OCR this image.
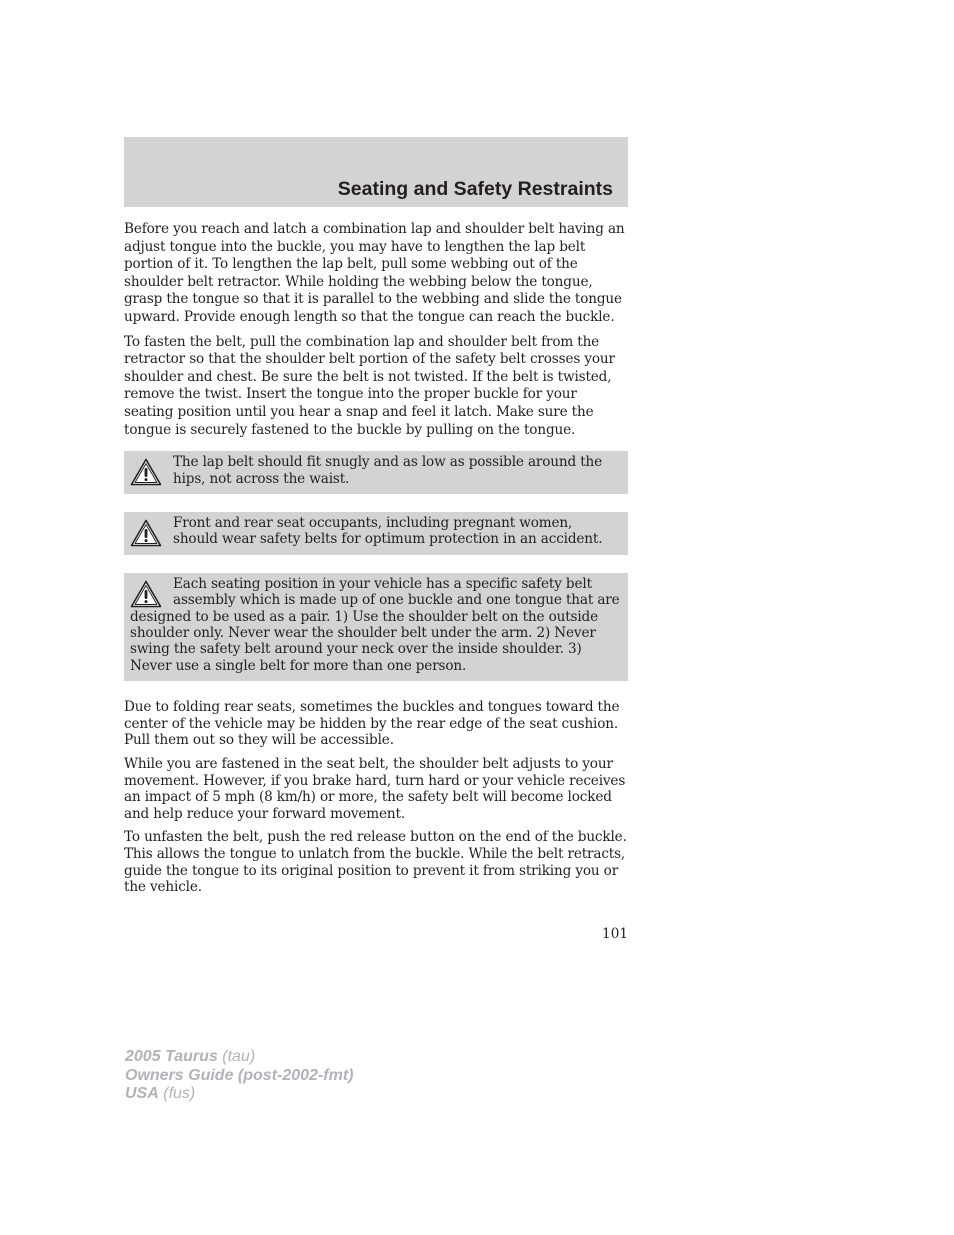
Seating and Safety Restraints

Before you reach and latch a combination lap and shoulder belt having an adjust tongue into the buckle, you may have to lengthen the lap belt portion of it. To lengthen the lap belt, pull some webbing out of the shoulder belt retractor. While holding the webbing below the tongue, grasp the tongue so that it is parallel to the webbing and slide the tongue upward. Provide enough length so that the tongue can reach the buckle.

To fasten the belt, pull the combination lap and shoulder belt from the retractor so that the shoulder belt portion of the safety belt crosses your shoulder and chest. Be sure the belt is not twisted. If the belt is twisted, remove the twist. Insert the tongue into the proper buckle for your seating position until you hear a snap and feel it latch. Make sure the tongue is securely fastened to the buckle by pulling on the tongue.

The lap belt should fit snugly and as low as possible around the hips, not across the waist.
Front and rear seat occupants, including pregnant women, should wear safety belts for optimum protection in an accident.
Each seating position in your vehicle has a specific safety belt assembly which is made up of one buckle and one tongue that are designed to be used as a pair. 1) Use the shoulder belt on the outside shoulder only. Never wear the shoulder belt under the arm. 2) Never swing the safety belt around your neck over the inside shoulder. 3) Never use a single belt for more than one person.

Due to folding rear seats, sometimes the buckles and tongues toward the center of the vehicle may be hidden by the rear edge of the seat cushion. Pull them out so they will be accessible.

While you are fastened in the seat belt, the shoulder belt adjusts to your movement. However, if you brake hard, turn hard or your vehicle receives an impact of 5 mph (8 km/h) or more, the safety belt will become locked and help reduce your forward movement.

To unfasten the belt, push the red release button on the end of the buckle. This allows the tongue to unlatch from the buckle. While the belt retracts, guide the tongue to its original position to prevent it from striking you or the vehicle.

101

2005 Taurus (tau)
Owners Guide (post-2002-fmt)
USA (fus)
